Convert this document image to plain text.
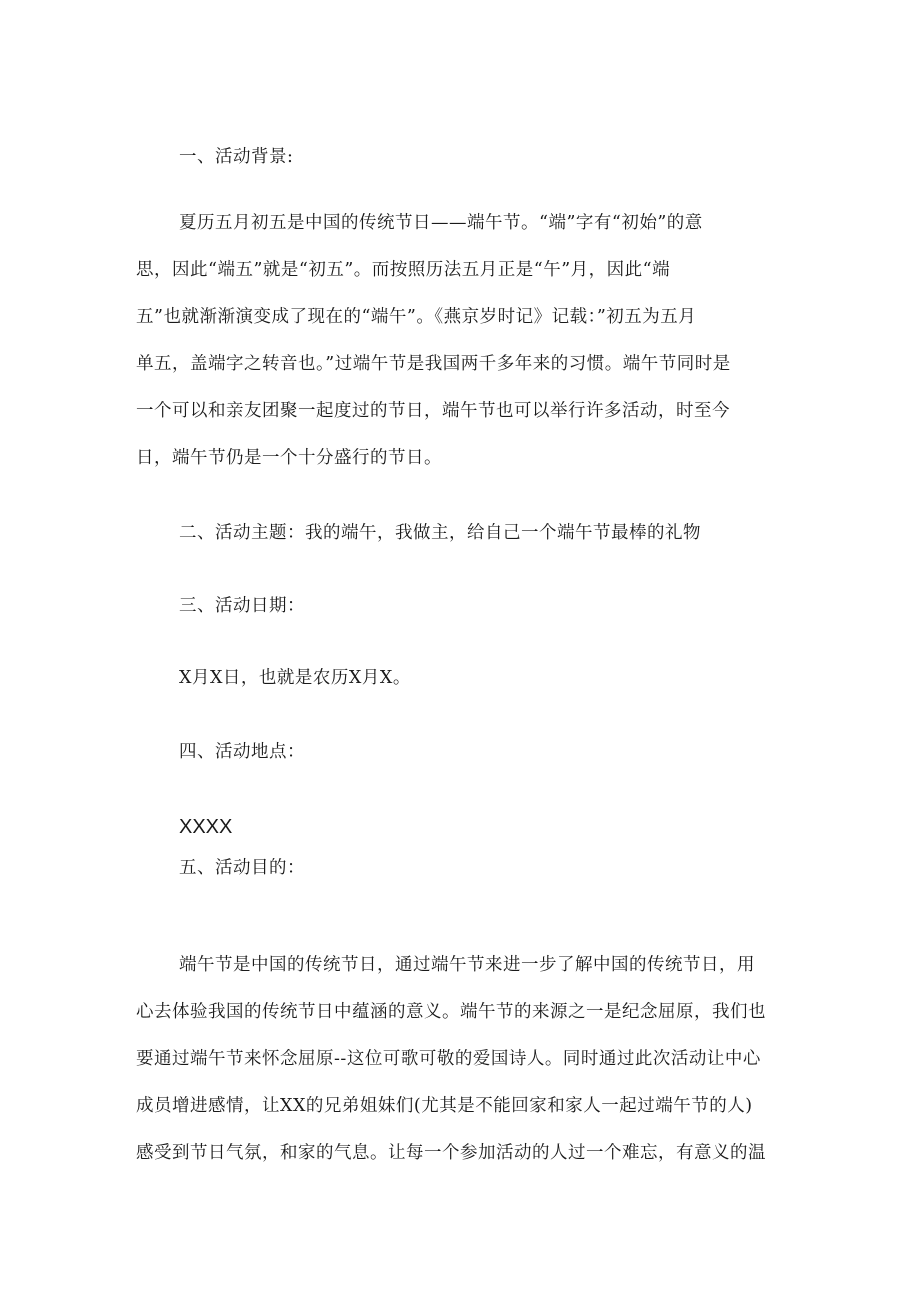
一、活动背景:
夏历五月初五是中国的传统节日——端午节。“端”字有“初始”的意
思，因此“端五”就是“初五”。而按照历法五月正是“午”月，因此“端
五”也就渐渐演变成了现在的“端午”。《燕京岁时记》记载：”初五为五月
单五，盖端字之转音也。”过端午节是我国两千多年来的习惯。端午节同时是
一个可以和亲友团聚一起度过的节日，端午节也可以举行许多活动，时至今
日，端午节仍是一个十分盛行的节日。
二、活动主题：我的端午，我做主，给自己一个端午节最棒的礼物
三、活动日期：
X月X日，也就是农历X月X。
四、活动地点：
XXXX
五、活动目的：
端午节是中国的传统节日，通过端午节来进一步了解中国的传统节日，用
心去体验我国的传统节日中蕴涵的意义。端午节的来源之一是纪念屈原，我们也
要通过端午节来怀念屈原--这位可歌可敬的爱国诗人。同时通过此次活动让中心
成员增进感情，让XX的兄弟姐妹们(尤其是不能回家和家人一起过端午节的人)
感受到节日气氛，和家的气息。让每一个参加活动的人过一个难忘，有意义的温
